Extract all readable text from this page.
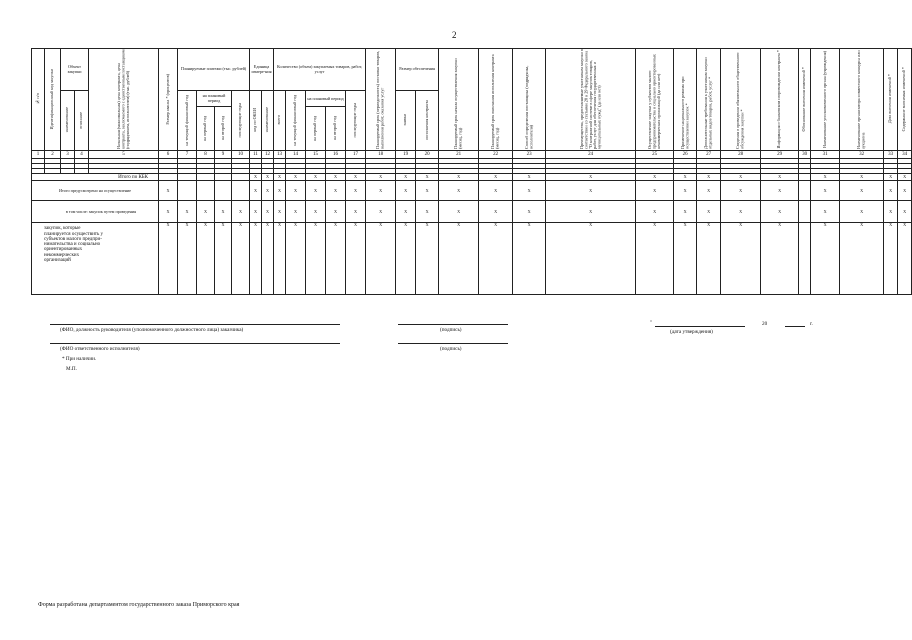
2
№ п/п	Идентификационный код закупки	Объект закупки		Начальная (максимальная) цена контракта, цена контракта, заключаемого с единственным поставщиком (подрядчиком, исполнителем) (тыс. рублей)	Размер аванса * (процентов)	Планируемые платежи (тыс. рублей)				Единица измере-ния		Количество (объем) закупаемых товаров, работ, услуг					Планируемый срок (периодичность) поставки товаров, выполнения работ, оказания услуг	Размер обеспечения		Планируемый срок начала осуществления закупки (месяц, год)	Планируемый срок окончания исполнения контракта (месяц, год)	Способ определения поставщика (подрядчика, исполнителя)	Преимущества, предоставляемые участникам закупки в соответствии со статьями 28 и 29 Федерального закона "О контрактной системе в сфере закупок товаров, работ, услуг для обеспечения государственных и муниципальных нужд" (да или нет)	Осуществление закупки у субъектов малого предпринимательства и социально ориентированных некоммерческих организаций (да или нет)	Применение национального режима при осуществлении закупок *	Дополнительные требования к участникам закупки отдельных видов товаров, работ, услуг *	Сведения о проведении обязательного общественного обсуждения закупки *	Информация о банковском сопровождении контракта *	Обоснование внесения изменений *	Наименование уполномоченного органа (учреждения)	Наименование организатора совместного конкурса или аукциона	Дата внесения изменений *	Содержание вносимых изменений *
		наименование	описание			на текущий финансовый год	на плановый период		последующие годы	код по ОКЕИ	наименование	всего	на текущий финансовый год	на плановый период		последующие годы		заявки	исполнения контракта														
							на первый год	на второй год						на первый год	на второй год																		
1	2	3	4	5	6	7	8	9	10	11	12	13	14	15	16	17	18	19	20	21	22	23	24	25	26	27	28	29	30	31	32	33	34

Итого по КБК										X	X	X	X	X	X	X	X	X	X	X	X	X	X	X	X	X	X	X		X	X	X	X
Итого предусмотрено на осуществление					X					X	X	X	X	X	X	X	X	X	X	X	X	X	X	X	X	X	X	X		X	X	X	X
в том числе: закупок путем проведения					X	X	X	X	X	X	X	X	X	X	X	X	X	X	X	X	X	X	X	X	X	X	X	X		X	X	X	X

закупок, которые планируется осуществить у субъектов малого предпри-нимательства и социально ориентированных некоммерческих организаций					X	X	X	X	X	X	X	X	X	X	X	X	X	X	X	X	X	X	X	X	X	X	X	X		X	X	X	X
(ФИО, должность руководителя (уполномоченного должностного лица) заказчика)	(подпись)
"	20	г.
(дата утверждения)
(ФИО ответственного исполнителя)	(подпись)
* При наличии.
М.П.
Форма разработана департаментом государственного заказа Приморского края
